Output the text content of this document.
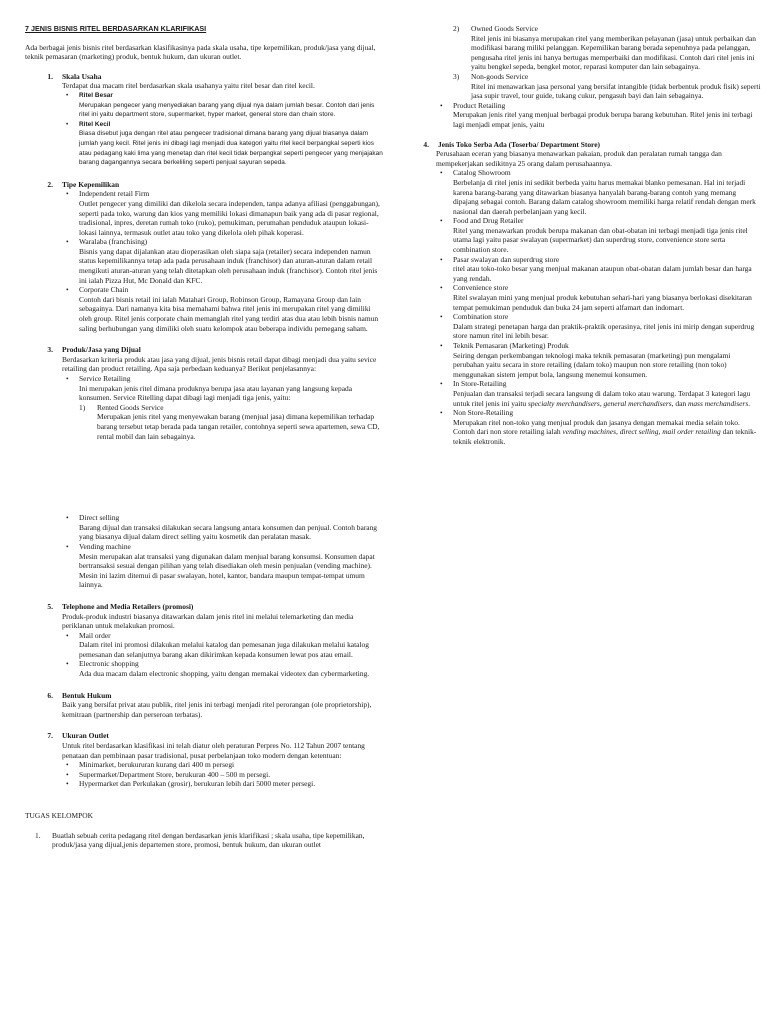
7 JENIS BISNIS RITEL BERDASARKAN KLARIFIKASI

Ada berbagai jenis bisnis ritel berdasarkan klasifikasinya pada skala usaha, tipe kepemilikan, produk/jasa yang dijual, teknik pemasaran (marketing) produk, bentuk hukum, dan ukuran outlet.

1.	Skala Usaha

Terdapat dua macam ritel berdasarkan skala usahanya yaitu ritel besar dan ritel kecil.

• Ritel Besar
Merupakan pengecer yang menyediakan barang yang dijual nya dalam jumlah besar. Contoh dari jenis ritel ini yaitu department store, supermarket, hyper market, general store dan chain store.
• Ritel Kecil
Biasa disebut juga dengan ritel atau pengecer tradisional dimana barang yang dijual biasanya dalam jumlah yang kecil. Ritel jenis ini dibagi lagi menjadi dua kategori yaitu ritel kecil berpangkal seperti kios atau pedagang kaki lima yang menetap dan ritel kecil tidak berpangkal seperti pengecer yang menjajakan barang dagangannya secara berkeliling seperti penjual sayuran sepeda.
2.	Tipe Kepemilikan
• Independent retail Firm
Outlet pengecer yang dimiliki dan dikelola secara independen, tanpa adanya afiliasi (penggabungan), seperti pada toko, warung dan kios yang memiliki lokasi dimanapun baik yang ada di pasar regional, tradisional, inpres, deretan rumah toko (ruko), pemukiman, perumahan penduduk ataupun lokasi-lokasi lainnya, termasuk outlet atau toko yang dikelola oleh pihak koperasi.
• Waralaba (franchising)
Bisnis yang dapat dijalankan atau dioperasikan oleh siapa saja (retailer) secara independen namun status kepemilikannya tetap ada pada perusahaan induk (franchisor) dan aturan-aturan dalam retail mengikuti aturan-aturan yang telah ditetapkan oleh perusahaan induk (franchisor). Contoh ritel jenis ini ialah Pizza Hut, Mc Donald dan KFC.
• Corporate Chain
Contoh dari bisnis retail ini ialah Matahari Group, Robinson Group, Ramayana Group dan lain sebagainya. Dari namanya kita bisa memahami bahwa ritel jenis ini merupakan ritel yang dimiliki oleh group. Ritel jenis corporate chain memanglah ritel yang terdiri atas dua atau lebih bisnis namun saling berhubungan yang dimiliki oleh suatu kelompok atau beberapa individu pemegang saham.
3.	Produk/Jasa yang Dijual

Berdasarkan kriteria produk atau jasa yang dijual, jenis bisnis retail dapat dibagi menjadi dua yaitu sevice retailing dan product retailing. Apa saja perbedaan keduanya? Berikut penjelasannya:

• Service Retailing
Ini merupakan jenis ritel dimana produknya berupa jasa atau layanan yang langsung kepada konsumen. Service Ritelling dapat dibagi lagi menjadi tiga jenis, yaitu:
1) Rented Goods Service
Merupakan jenis ritel yang menyewakan barang (menjual jasa) dimana kepemilikan terhadap barang tersebut tetap berada pada tangan retailer, contohnya seperti sewa apartemen, sewa CD, rental mobil dan lain sebagainya.
• Direct selling
Barang dijual dan transaksi dilakukan secara langsung antara konsumen dan penjual. Contoh barang yang biasanya dijual dalam direct selling yaitu kosmetik dan peralatan masak.
• Vending machine
Mesin merupakan alat transaksi yang digunakan dalam menjual barang konsumsi. Konsumen dapat bertransaksi sesuai dengan pilihan yang telah disediakan oleh mesin penjualan (vending machine). Mesin ini lazim ditemui di pasar swalayan, hotel, kantor, bandara maupun tempat-tempat umum lainnya.
5.	Telephone and Media Retailers (promosi)

Produk-produk industri biasanya ditawarkan dalam jenis ritel ini melalui telemarketing dan media periklanan untuk melakukan promosi.

• Mail order
Dalam ritel ini promosi dilakukan melalui katalog dan pemesanan juga dilakukan melalui katalog pemesanan dan selanjutnya barang akan dikirimkan kepada konsumen lewat pos atau email.
• Electronic shopping
Ada dua macam dalam electronic shopping, yaitu dengan memakai videotex dan cybermarketing.
6.	Bentuk Hukum

Baik yang bersifat privat atau publik, ritel jenis ini terbagi menjadi ritel perorangan (ole proprietorship), kemitraan (partnership dan perseroan terbatas).

7.	Ukuran Outlet

Untuk ritel berdasarkan klasifikasi ini telah diatur oleh peraturan Perpres No. 112 Tahun 2007 tentang penataan dan pembinaan pasar tradisional, pusat perbelanjaan toko modern dengan ketentuan:

• Minimarket, berukururan kurang dari 400 m persegi
• Supermarket/Department Store, berukuran 400 – 500 m persegi.
• Hypermarket dan Perkulakan (grosir), berukuran lebih dari 5000 meter persegi.

TUGAS KELOMPOK

1.	Buatlah sebuah cerita pedagang ritel dengan berdasarkan jenis klarifikasi ; skala usaha, tipe kepemilikan, produk/jasa yang dijual,jenis departemen store, promosi, bentuk hukum, dan ukuran outlet
2) Owned Goods Service
Ritel jenis ini biasanya merupakan ritel yang memberikan pelayanan (jasa) untuk perbaikan dan modifikasi barang miliki pelanggan. Kepemilikan barang berada sepenuhnya pada pelanggan, pengusaha ritel jenis ini hanya bertugas memperbaiki dan modifikasi. Contoh dari ritel jenis ini yaitu bengkel sepeda, bengkel motor, reparasi komputer dan lain sebagainya.
3) Non-goods Service
Ritel ini menawarkan jasa personal yang bersifat intangible (tidak berbentuk produk fisik) seperti jasa supir travel, tour guide, tukang cukur, pengasuh bayi dan lain sebagainya.
• Product Retailing
Merupakan jenis ritel yang menjual berbagai produk berupa barang kebutuhan. Ritel jenis ini terbagi lagi menjadi empat jenis, yaitu
4.	Jenis Toko Serba Ada (Toserba/ Department Store)

Perusahaan eceran yang biasanya menawarkan pakaian, produk dan peralatan rumah tangga dan mempekerjakan sedikitnya 25 orang dalam perusahaannya.

• Catalog Showroom
Berbelanja di ritel jenis ini sedikit berbeda yaitu harus memakai blanko pemesanan. Hal ini terjadi karena barang-barang yang ditawarkan biasanya hanyalah barang-barang contoh yang memang dipajang sebagai contoh. Barang dalam catalog showroom memiliki harga relatif rendah dengan merk nasional dan daerah perbelanjaan yang kecil.
• Food and Drug Retailer
Ritel yang menawarkan produk berupa makanan dan obat-obatan ini terbagi menjadi tiga jenis ritel utama lagi yaitu pasar swalayan (supermarket) dan superdrug store, convenience store serta combination store.
• Pasar swalayan dan superdrug store
ritel atau toko-toko besar yang menjual makanan ataupun obat-obatan dalam jumlah besar dan harga yang rendah.
• Convenience store
Ritel swalayan mini yang menjual produk kebutuhan sehari-hari yang biasanya berlokasi disekitaran tempat pemukiman penduduk dan buka 24 jam seperti alfamart dan indomart.
• Combination store
Dalam strategi penetapan harga dan praktik-praktik operasinya, ritel jenis ini mirip dengan superdrug store namun ritel ini lebih besar.
• Teknik Pemasaran (Marketing) Produk
Seiring dengan perkembangan teknologi maka teknik pemasaran (marketing) pun mengalami perubahan yaitu secara in store retailing (dalam toko) maupun non store retailing (non toko) menggunakan sistem jemput bola, langsung menemui konsumen.
• In Store-Retailing
Penjualan dan transaksi terjadi secara langsung di dalam toko atau warung. Terdapat 3 kategori lagu untuk ritel jenis ini yaitu specialty merchandisers, general merchandisers, dan mass merchandisers.
• Non Store-Retailing
Merupakan ritel non-toko yang menjual produk dan jasanya dengan memakai media selain toko. Contoh dari non store retailing ialah vending machines, direct selling, mail order retailing dan teknik-teknik elektronik.
